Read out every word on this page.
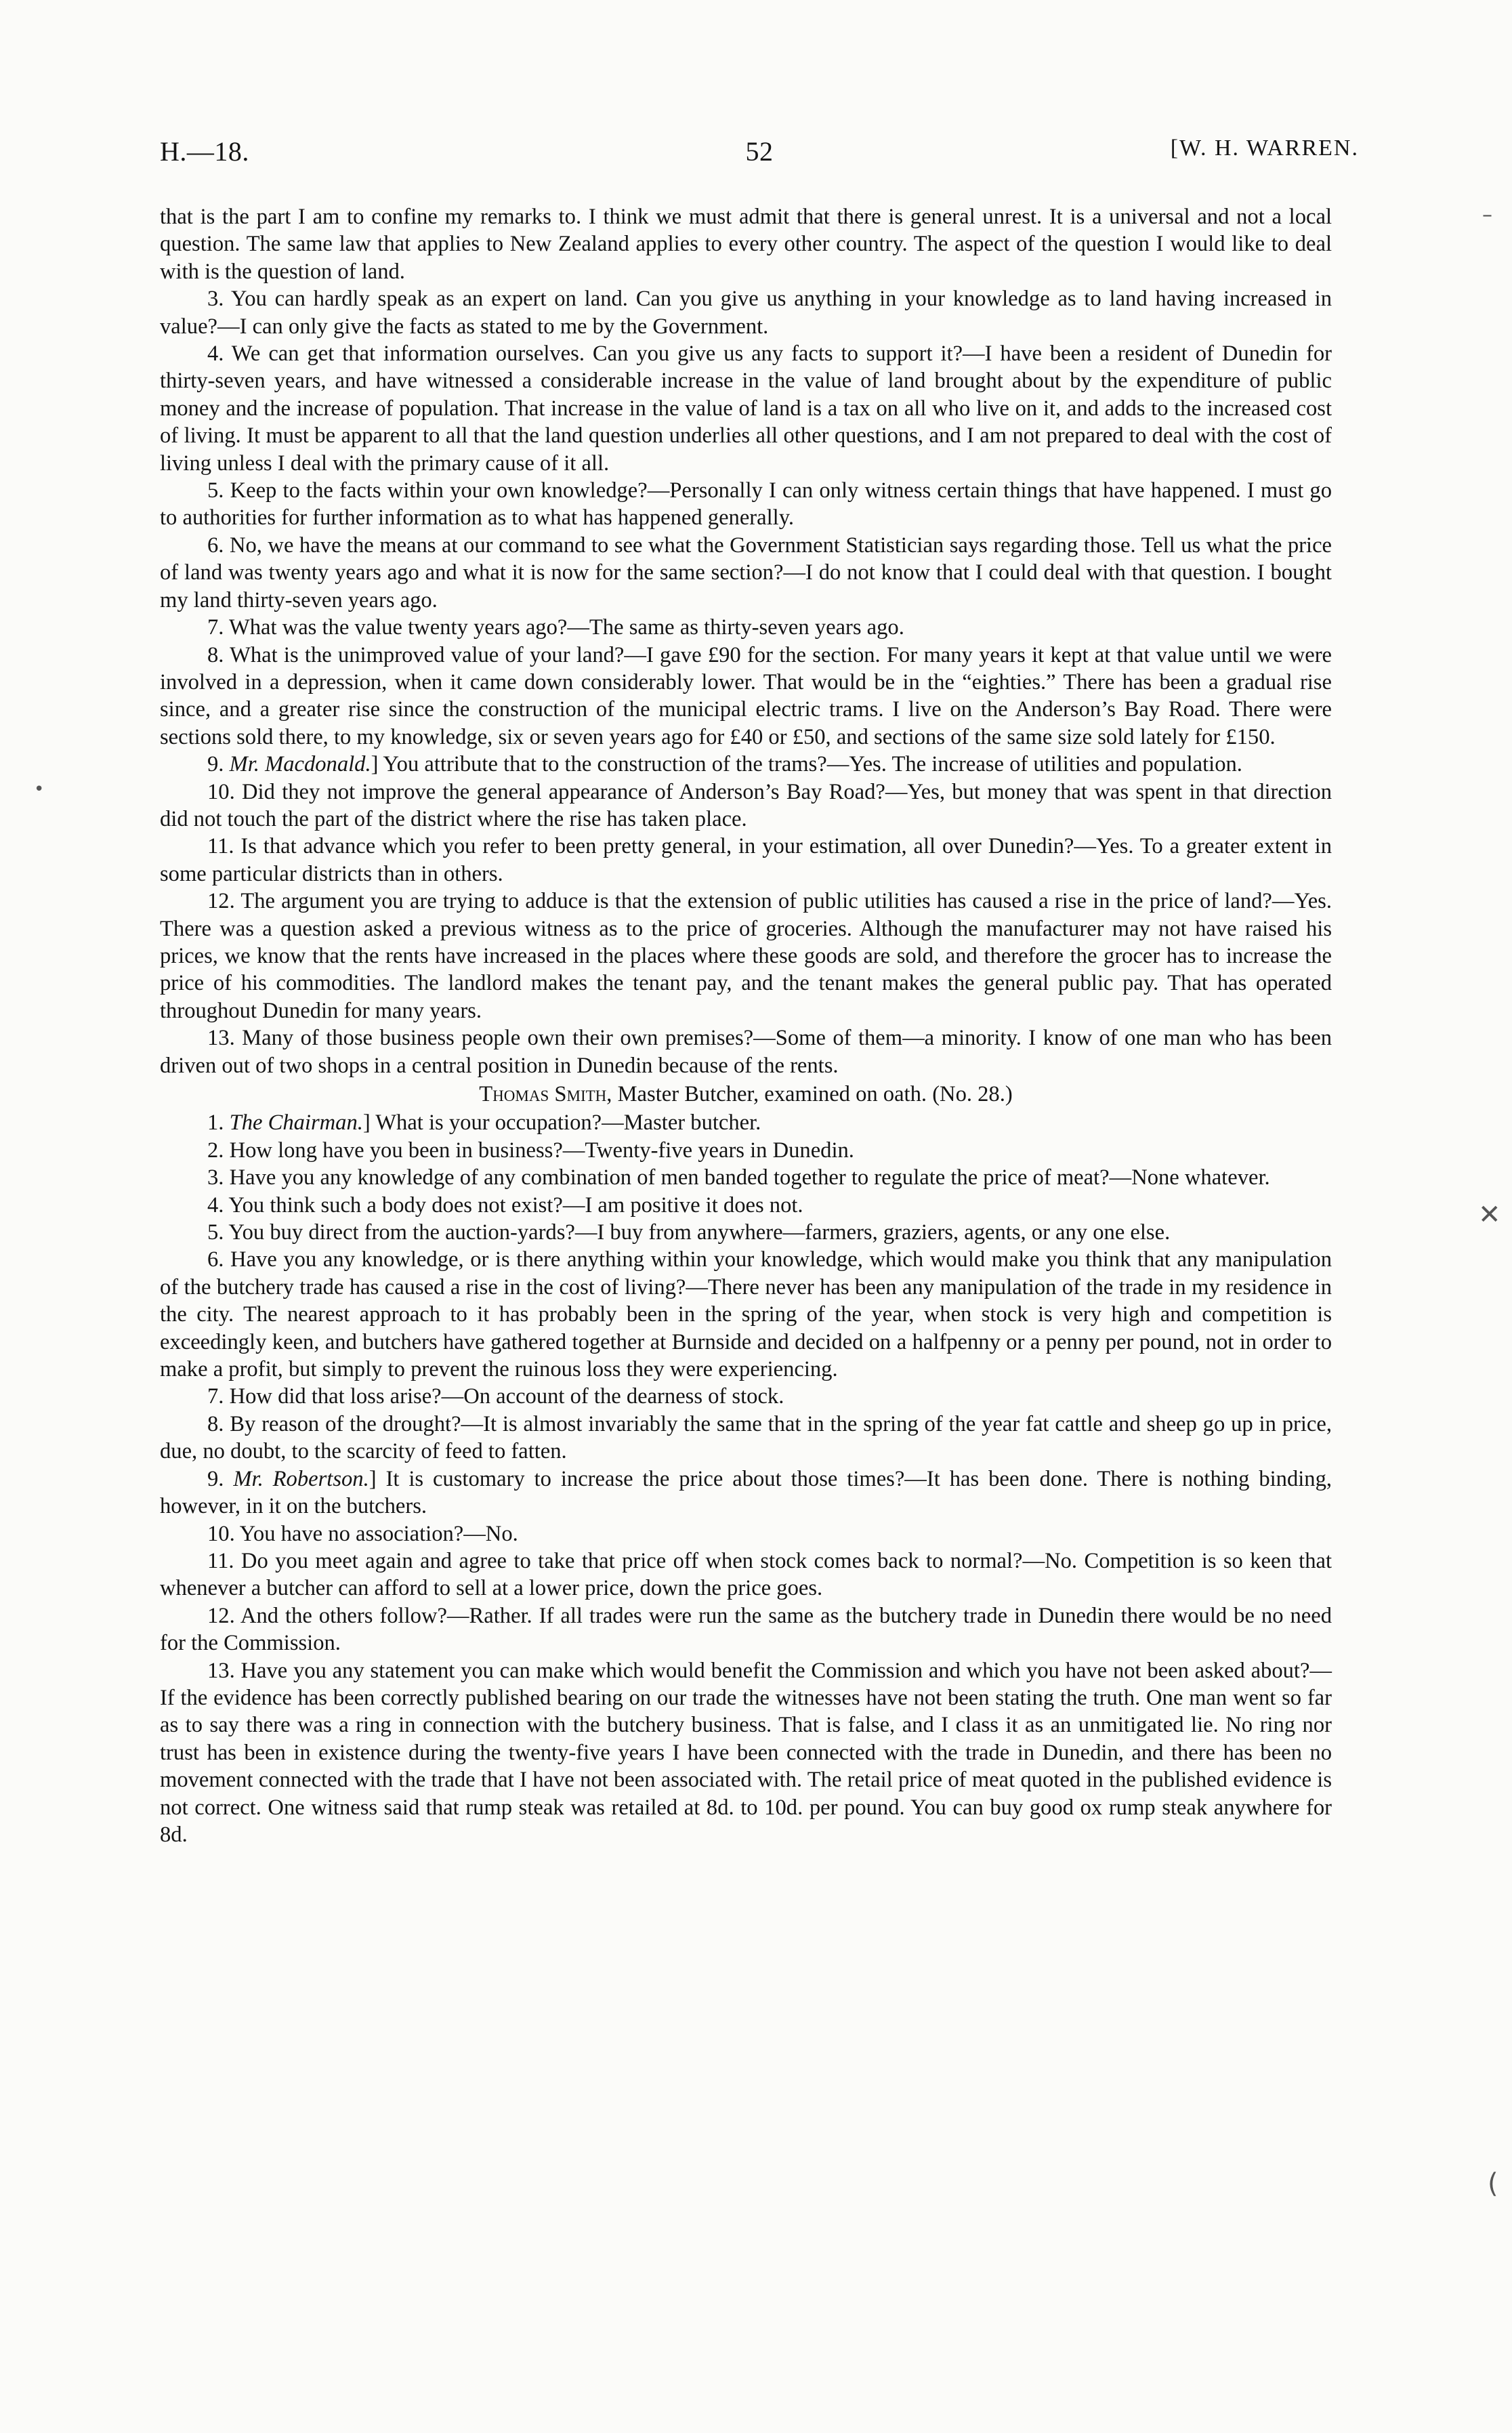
H.—18.	52	[W. H. WARREN.

that is the part I am to confine my remarks to. I think we must admit that there is general unrest. It is a universal and not a local question. The same law that applies to New Zealand applies to every other country. The aspect of the question I would like to deal with is the question of land.

3. You can hardly speak as an expert on land. Can you give us anything in your knowledge as to land having increased in value?—I can only give the facts as stated to me by the Government.

4. We can get that information ourselves. Can you give us any facts to support it?—I have been a resident of Dunedin for thirty-seven years, and have witnessed a considerable increase in the value of land brought about by the expenditure of public money and the increase of population. That increase in the value of land is a tax on all who live on it, and adds to the increased cost of living. It must be apparent to all that the land question underlies all other questions, and I am not prepared to deal with the cost of living unless I deal with the primary cause of it all.

5. Keep to the facts within your own knowledge?—Personally I can only witness certain things that have happened. I must go to authorities for further information as to what has happened generally.

6. No, we have the means at our command to see what the Government Statistician says regarding those. Tell us what the price of land was twenty years ago and what it is now for the same section?—I do not know that I could deal with that question. I bought my land thirty-seven years ago.

7. What was the value twenty years ago?—The same as thirty-seven years ago.

8. What is the unimproved value of your land?—I gave £90 for the section. For many years it kept at that value until we were involved in a depression, when it came down considerably lower. That would be in the “eighties.” There has been a gradual rise since, and a greater rise since the construction of the municipal electric trams. I live on the Anderson’s Bay Road. There were sections sold there, to my knowledge, six or seven years ago for £40 or £50, and sections of the same size sold lately for £150.

9. Mr. Macdonald.] You attribute that to the construction of the trams?—Yes. The increase of utilities and population.

10. Did they not improve the general appearance of Anderson’s Bay Road?—Yes, but money that was spent in that direction did not touch the part of the district where the rise has taken place.

11. Is that advance which you refer to been pretty general, in your estimation, all over Dunedin?—Yes. To a greater extent in some particular districts than in others.

12. The argument you are trying to adduce is that the extension of public utilities has caused a rise in the price of land?—Yes. There was a question asked a previous witness as to the price of groceries. Although the manufacturer may not have raised his prices, we know that the rents have increased in the places where these goods are sold, and therefore the grocer has to increase the price of his commodities. The landlord makes the tenant pay, and the tenant makes the general public pay. That has operated throughout Dunedin for many years.

13. Many of those business people own their own premises?—Some of them—a minority. I know of one man who has been driven out of two shops in a central position in Dunedin because of the rents.

Thomas Smith, Master Butcher, examined on oath. (No. 28.)

1. The Chairman.] What is your occupation?—Master butcher.

2. How long have you been in business?—Twenty-five years in Dunedin.

3. Have you any knowledge of any combination of men banded together to regulate the price of meat?—None whatever.

4. You think such a body does not exist?—I am positive it does not.

5. You buy direct from the auction-yards?—I buy from anywhere—farmers, graziers, agents, or any one else.

6. Have you any knowledge, or is there anything within your knowledge, which would make you think that any manipulation of the butchery trade has caused a rise in the cost of living?—There never has been any manipulation of the trade in my residence in the city. The nearest approach to it has probably been in the spring of the year, when stock is very high and competition is exceedingly keen, and butchers have gathered together at Burnside and decided on a halfpenny or a penny per pound, not in order to make a profit, but simply to prevent the ruinous loss they were experiencing.

7. How did that loss arise?—On account of the dearness of stock.

8. By reason of the drought?—It is almost invariably the same that in the spring of the year fat cattle and sheep go up in price, due, no doubt, to the scarcity of feed to fatten.

9. Mr. Robertson.] It is customary to increase the price about those times?—It has been done. There is nothing binding, however, in it on the butchers.

10. You have no association?—No.

11. Do you meet again and agree to take that price off when stock comes back to normal?—No. Competition is so keen that whenever a butcher can afford to sell at a lower price, down the price goes.

12. And the others follow?—Rather. If all trades were run the same as the butchery trade in Dunedin there would be no need for the Commission.

13. Have you any statement you can make which would benefit the Commission and which you have not been asked about?—If the evidence has been correctly published bearing on our trade the witnesses have not been stating the truth. One man went so far as to say there was a ring in connection with the butchery business. That is false, and I class it as an unmitigated lie. No ring nor trust has been in existence during the twenty-five years I have been connected with the trade in Dunedin, and there has been no movement connected with the trade that I have not been associated with. The retail price of meat quoted in the published evidence is not correct. One witness said that rump steak was retailed at 8d. to 10d. per pound. You can buy good ox rump steak anywhere for 8d.

–
✕
(
•
